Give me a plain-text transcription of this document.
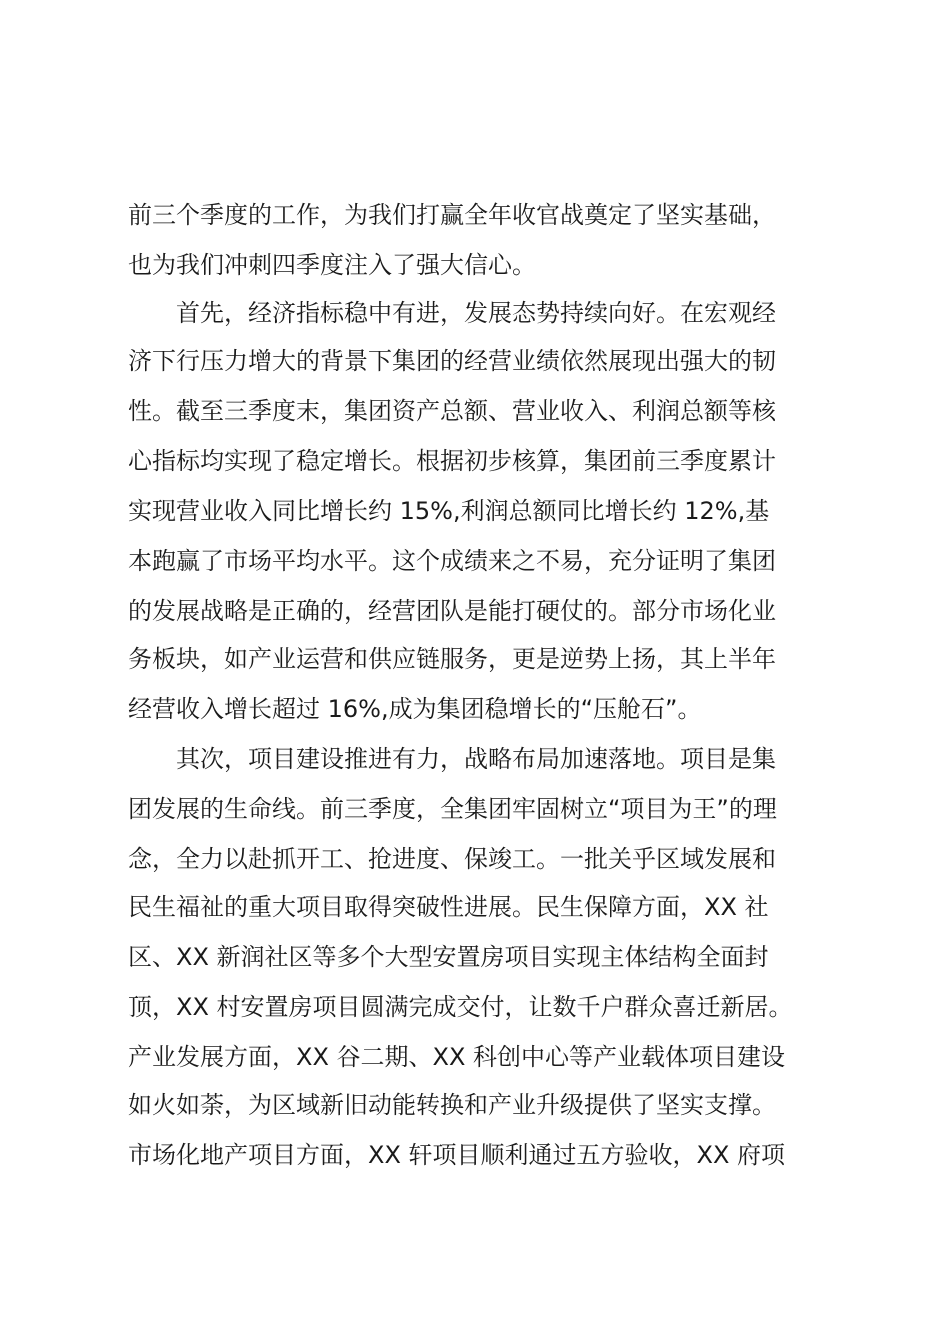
前三个季度的工作，为我们打赢全年收官战奠定了坚实基础，
也为我们冲刺四季度注入了强大信心。
首先，经济指标稳中有进，发展态势持续向好。在宏观经
济下行压力增大的背景下集团的经营业绩依然展现出强大的韧
性。截至三季度末，集团资产总额、营业收入、利润总额等核
心指标均实现了稳定增长。根据初步核算，集团前三季度累计
实现营业收入同比增长约 15%,利润总额同比增长约 12%,基
本跑赢了市场平均水平。这个成绩来之不易，充分证明了集团
的发展战略是正确的，经营团队是能打硬仗的。部分市场化业
务板块，如产业运营和供应链服务，更是逆势上扬，其上半年
经营收入增长超过 16%,成为集团稳增长的“压舱石”。
其次，项目建设推进有力，战略布局加速落地。项目是集
团发展的生命线。前三季度，全集团牢固树立“项目为王”的理
念，全力以赴抓开工、抢进度、保竣工。一批关乎区域发展和
民生福祉的重大项目取得突破性进展。民生保障方面，XX 社
区、XX 新润社区等多个大型安置房项目实现主体结构全面封
顶，XX 村安置房项目圆满完成交付，让数千户群众喜迁新居。
产业发展方面，XX 谷二期、XX 科创中心等产业载体项目建设
如火如荼，为区域新旧动能转换和产业升级提供了坚实支撑。
市场化地产项目方面，XX 轩项目顺利通过五方验收，XX 府项
